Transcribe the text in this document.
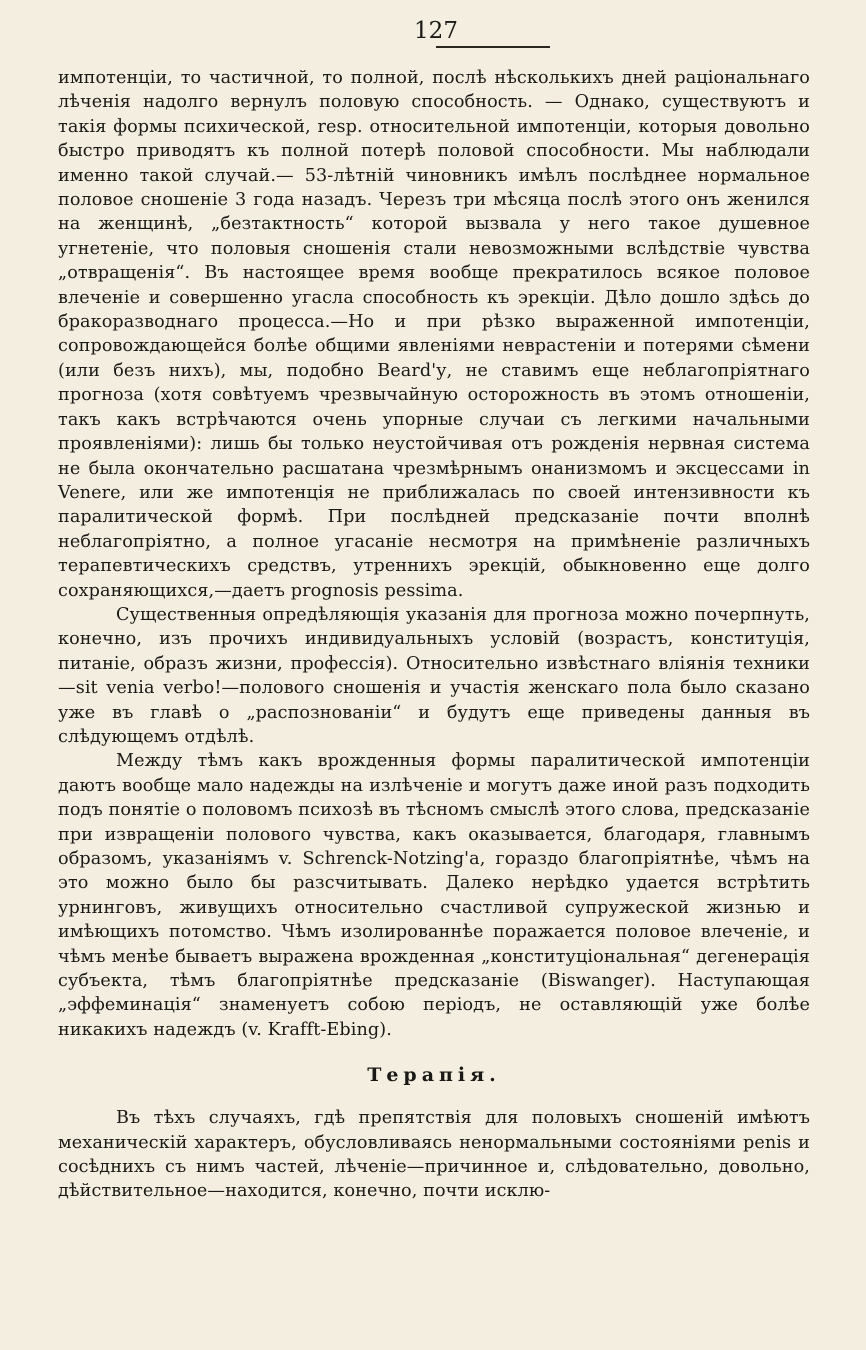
127

импотенціи, то частичной, то полной, послѣ нѣсколькихъ дней раціональнаго лѣченія надолго вернулъ половую способность. — Однако, существуютъ и такія формы психической, resp. относительной импотенціи, которыя довольно быстро приводятъ къ полной потерѣ половой способности. Мы наблюдали именно такой случай.— 53-лѣтній чиновникъ имѣлъ послѣднее нормальное половое сношеніе 3 года назадъ. Черезъ три мѣсяца послѣ этого онъ женился на женщинѣ, „безтактность“ которой вызвала у него такое душевное угнетеніе, что половыя сношенія стали невозможными вслѣдствіе чувства „отвращенія“. Въ настоящее время вообще прекратилось всякое половое влеченіе и совершенно угасла способность къ эрекціи. Дѣло дошло здѣсь до бракоразводнаго процесса.—Но и при рѣзко выраженной импотенціи, сопровождающейся болѣе общими явленіями неврастеніи и потерями сѣмени (или безъ нихъ), мы, подобно Beard'у, не ставимъ еще неблагопріятнаго прогноза (хотя совѣтуемъ чрезвычайную осторожность въ этомъ отношеніи, такъ какъ встрѣчаются очень упорные случаи съ легкими начальными проявленіями): лишь бы только неустойчивая отъ рожденія нервная система не была окончательно расшатана чрезмѣрнымъ онанизмомъ и эксцессами in Venere, или же импотенція не приближалась по своей интензивности къ паралитической формѣ. При послѣдней предсказаніе почти вполнѣ неблагопріятно, а полное угасаніе несмотря на примѣненіе различныхъ терапевтическихъ средствъ, утреннихъ эрекцій, обыкновенно еще долго сохраняющихся,—даетъ prognosis pessima.

Существенныя опредѣляющія указанія для прогноза можно почерпнуть, конечно, изъ прочихъ индивидуальныхъ условій (возрастъ, конституція, питаніе, образъ жизни, профессія). Относительно извѣстнаго вліянія техники—sit venia verbo!—полового сношенія и участія женскаго пола было сказано уже въ главѣ о „распознованіи“ и будутъ еще приведены данныя въ слѣдующемъ отдѣлѣ.

Между тѣмъ какъ врожденныя формы паралитической импотенціи даютъ вообще мало надежды на излѣченіе и могутъ даже иной разъ подходить подъ понятіе о половомъ психозѣ въ тѣсномъ смыслѣ этого слова, предсказаніе при извращеніи полового чувства, какъ оказывается, благодаря, главнымъ образомъ, указаніямъ v. Schrenck-Notzing'а, гораздо благопріятнѣе, чѣмъ на это можно было бы разсчитывать. Далеко нерѣдко удается встрѣтить урнинговъ, живущихъ относительно счастливой супружеской жизнью и имѣющихъ потомство. Чѣмъ изолированнѣе поражается половое влеченіе, и чѣмъ менѣе бываетъ выражена врожденная „конституціональная“ дегенерація субъекта, тѣмъ благопріятнѣе предсказаніе (Biswanger). Наступающая „эффеминація“ знаменуетъ собою періодъ, не оставляющій уже болѣе никакихъ надеждъ (v. Krafft-Ebing).

Терапія.

Въ тѣхъ случаяхъ, гдѣ препятствія для половыхъ сношеній имѣютъ механическій характеръ, обусловливаясь ненормальными состояніями penis и сосѣднихъ съ нимъ частей, лѣченіе—причинное и, слѣдовательно, довольно, дѣйствительное—находится, конечно, почти исклю-
